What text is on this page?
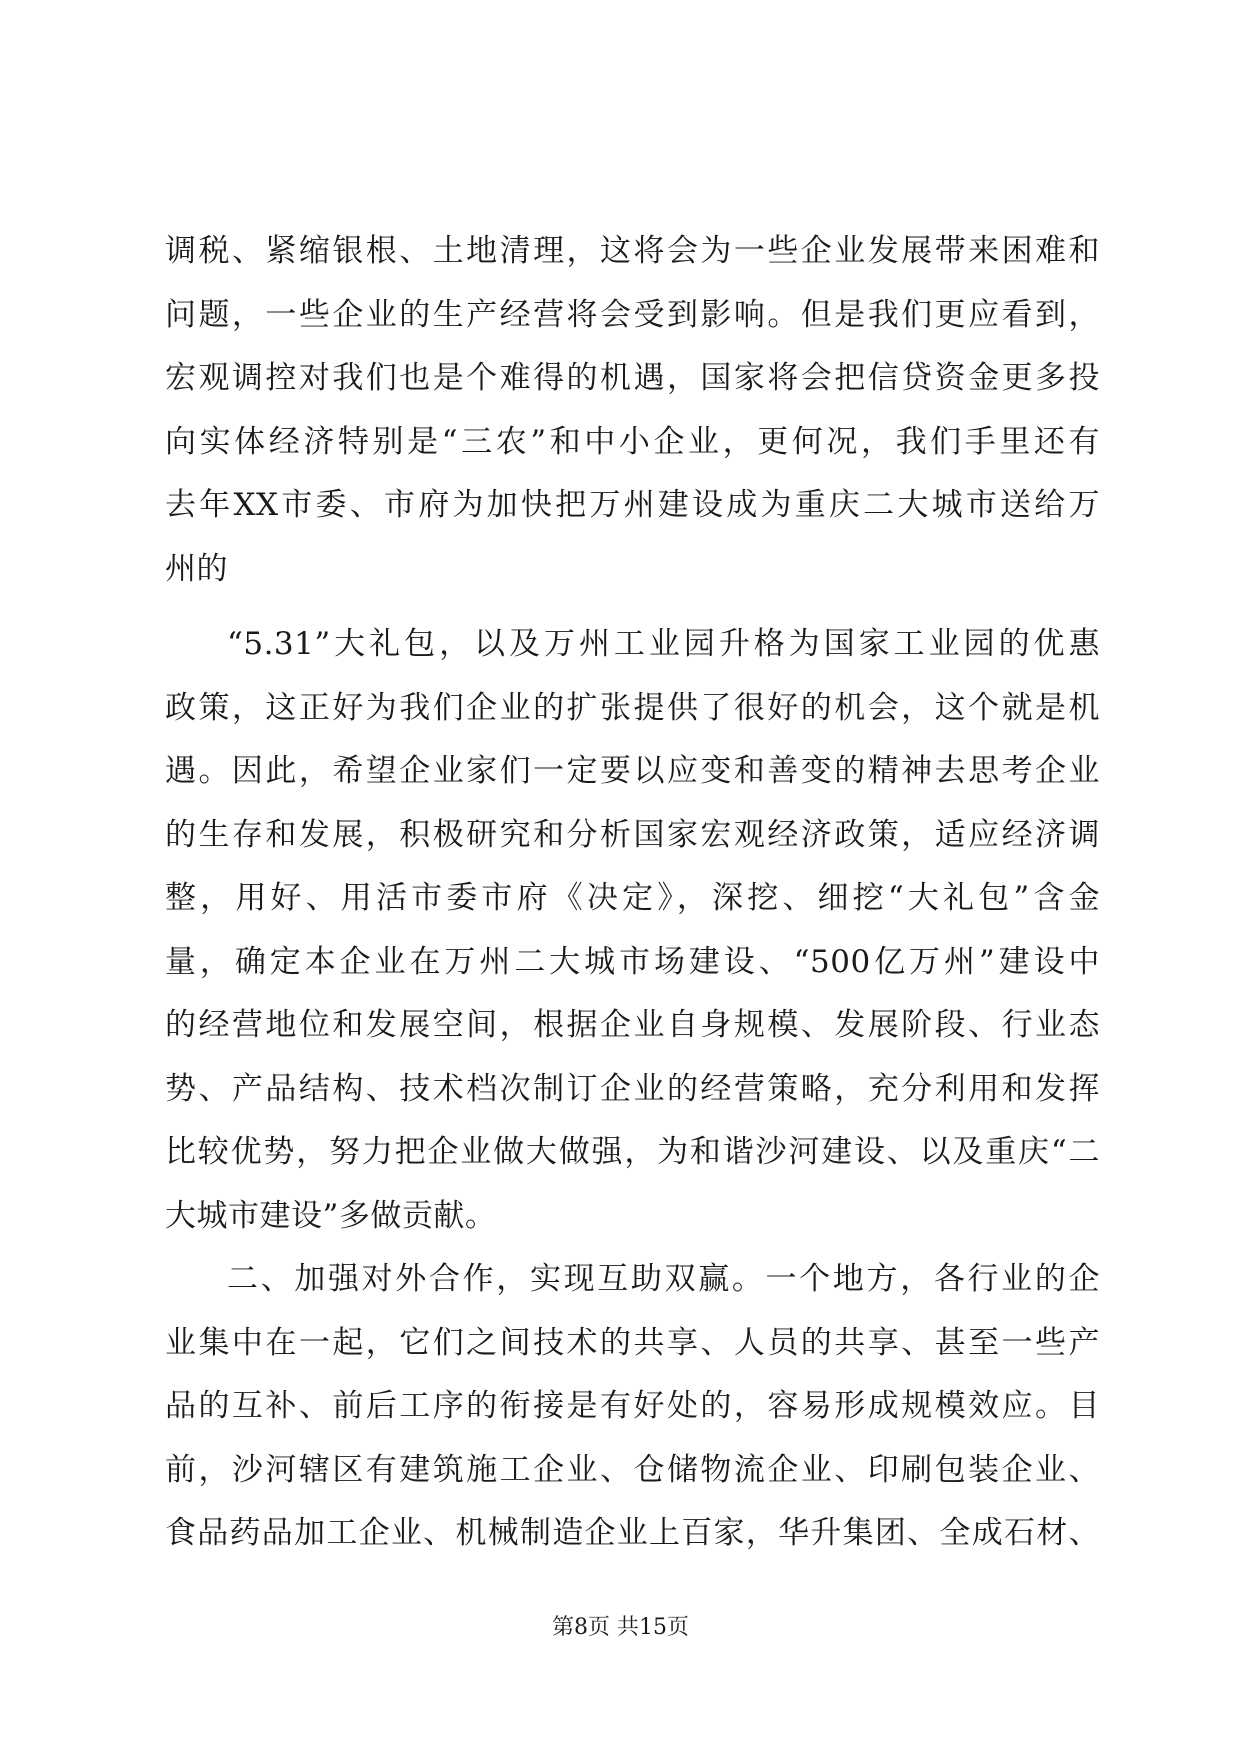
调税、紧缩银根、土地清理，这将会为一些企业发展带来困难和
问题，一些企业的生产经营将会受到影响。但是我们更应看到，
宏观调控对我们也是个难得的机遇，国家将会把信贷资金更多投
向实体经济特别是“三农”和中小企业，更何况，我们手里还有
去年XX市委、市府为加快把万州建设成为重庆二大城市送给万
州的
“5.31”大礼包，以及万州工业园升格为国家工业园的优惠
政策，这正好为我们企业的扩张提供了很好的机会，这个就是机
遇。因此，希望企业家们一定要以应变和善变的精神去思考企业
的生存和发展，积极研究和分析国家宏观经济政策，适应经济调
整，用好、用活市委市府《决定》，深挖、细挖“大礼包”含金
量，确定本企业在万州二大城市场建设、“500亿万州”建设中
的经营地位和发展空间，根据企业自身规模、发展阶段、行业态
势、产品结构、技术档次制订企业的经营策略，充分利用和发挥
比较优势，努力把企业做大做强，为和谐沙河建设、以及重庆“二
大城市建设”多做贡献。
二、加强对外合作，实现互助双赢。一个地方，各行业的企
业集中在一起，它们之间技术的共享、人员的共享、甚至一些产
品的互补、前后工序的衔接是有好处的，容易形成规模效应。目
前，沙河辖区有建筑施工企业、仓储物流企业、印刷包装企业、
食品药品加工企业、机械制造企业上百家，华升集团、全成石材、
第8页 共15页
